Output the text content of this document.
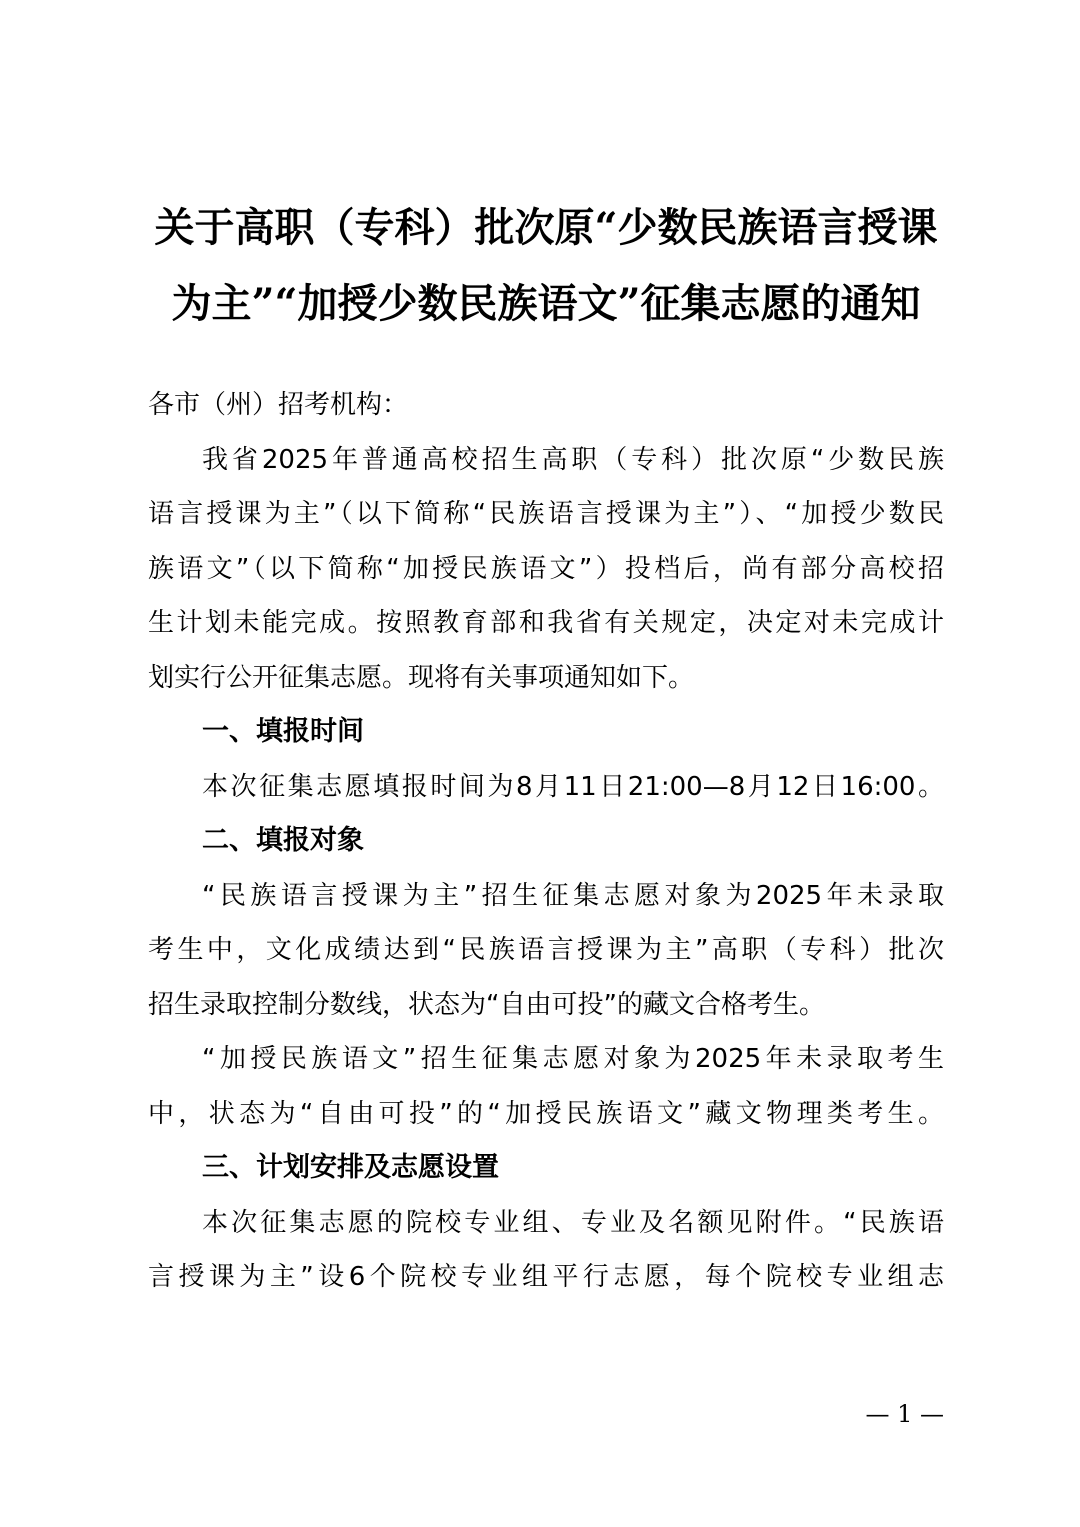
关于高职（专科）批次原“少数民族语言授课
为主”“加授少数民族语文”征集志愿的通知
各市（州）招考机构：
我省2025年普通高校招生高职（专科）批次原“少数民族
语言授课为主”（以下简称“民族语言授课为主”）、“加授少数民
族语文”（以下简称“加授民族语文”）投档后，尚有部分高校招
生计划未能完成。按照教育部和我省有关规定，决定对未完成计
划实行公开征集志愿。现将有关事项通知如下。
一、填报时间
本次征集志愿填报时间为8月11日21:00—8月12日16:00。
二、填报对象
“民族语言授课为主”招生征集志愿对象为2025年未录取
考生中，文化成绩达到“民族语言授课为主”高职（专科）批次
招生录取控制分数线，状态为“自由可投”的藏文合格考生。
“加授民族语文”招生征集志愿对象为2025年未录取考生
中，状态为“自由可投”的“加授民族语文”藏文物理类考生。
三、计划安排及志愿设置
本次征集志愿的院校专业组、专业及名额见附件。“民族语
言授课为主”设6个院校专业组平行志愿，每个院校专业组志
— 1 —
